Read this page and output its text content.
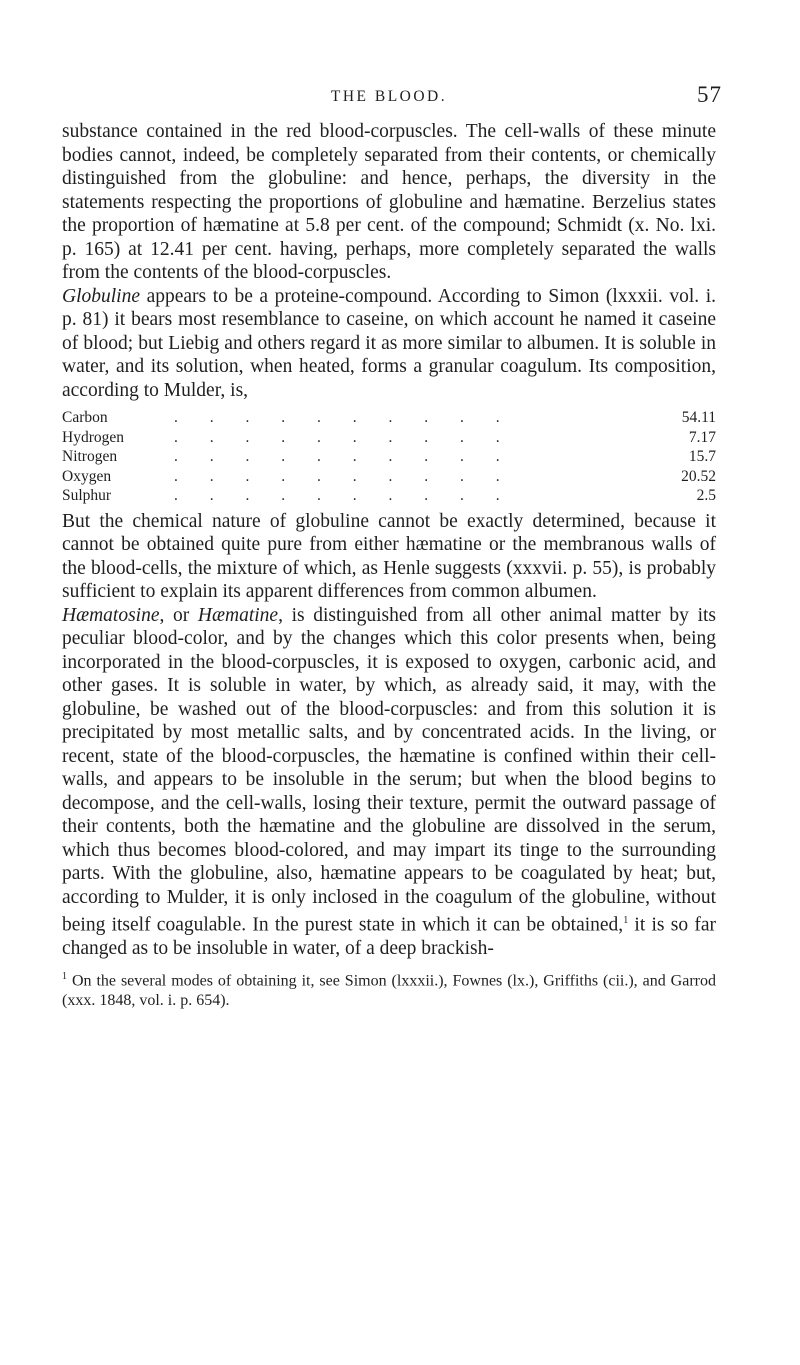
THE BLOOD.	57

substance contained in the red blood-corpuscles. The cell-walls of these minute bodies cannot, indeed, be completely separated from their contents, or chemically distinguished from the globuline: and hence, perhaps, the diversity in the statements respecting the proportions of globuline and hæmatine. Berzelius states the proportion of hæmatine at 5.8 per cent. of the compound; Schmidt (x. No. lxi. p. 165) at 12.41 per cent. having, perhaps, more completely separated the walls from the contents of the blood-corpuscles.

Globuline appears to be a proteine-compound. According to Simon (lxxxii. vol. i. p. 81) it bears most resemblance to caseine, on which account he named it caseine of blood; but Liebig and others regard it as more similar to albumen. It is soluble in water, and its solution, when heated, forms a granular coagulum. Its composition, according to Mulder, is,

Carbon	. . . . . . . . . .	54.11
Hydrogen	. . . . . . . . . .	7.17
Nitrogen	. . . . . . . . . .	15.7
Oxygen	. . . . . . . . . .	20.52
Sulphur	. . . . . . . . . .	2.5

But the chemical nature of globuline cannot be exactly determined, because it cannot be obtained quite pure from either hæmatine or the membranous walls of the blood-cells, the mixture of which, as Henle suggests (xxxvii. p. 55), is probably sufficient to explain its apparent differences from common albumen.

Hæmatosine, or Hæmatine, is distinguished from all other animal matter by its peculiar blood-color, and by the changes which this color presents when, being incorporated in the blood-corpuscles, it is exposed to oxygen, carbonic acid, and other gases. It is soluble in water, by which, as already said, it may, with the globuline, be washed out of the blood-corpuscles: and from this solution it is precipitated by most metallic salts, and by concentrated acids. In the living, or recent, state of the blood-corpuscles, the hæmatine is confined within their cell-walls, and appears to be insoluble in the serum; but when the blood begins to decompose, and the cell-walls, losing their texture, permit the outward passage of their contents, both the hæmatine and the globuline are dissolved in the serum, which thus becomes blood-colored, and may impart its tinge to the surrounding parts. With the globuline, also, hæmatine appears to be coagulated by heat; but, according to Mulder, it is only inclosed in the coagulum of the globuline, without being itself coagulable. In the purest state in which it can be obtained,$^1$ it is so far changed as to be insoluble in water, of a deep brackish-

$^1$ On the several modes of obtaining it, see Simon (lxxxii.), Fownes (lx.), Griffiths (cii.), and Garrod (xxx. 1848, vol. i. p. 654).
